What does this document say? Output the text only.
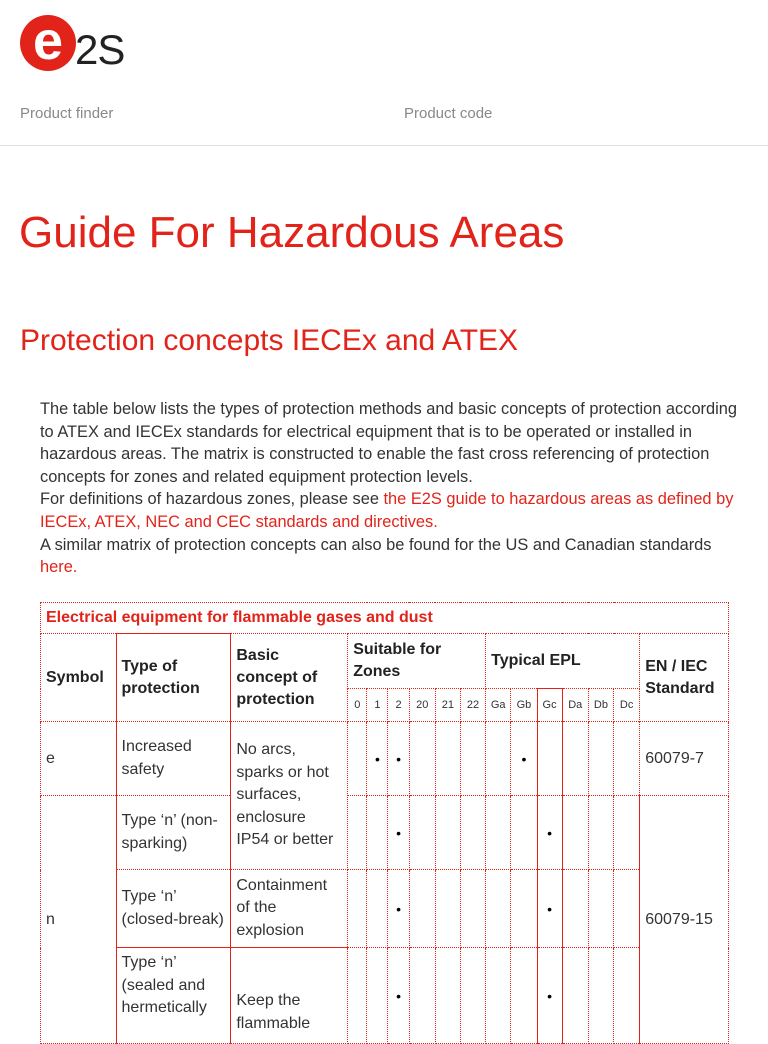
e 2S
Product finder	Product code
Guide For Hazardous Areas
Protection concepts IECEx and ATEX

The table below lists the types of protection methods and basic concepts of protection according to ATEX and IECEx standards for electrical equipment that is to be operated or installed in hazardous areas. The matrix is constructed to enable the fast cross referencing of protection concepts for zones and related equipment protection levels.

For definitions of hazardous zones, please see the E2S guide to hazardous areas as defined by IECEx, ATEX, NEC and CEC standards and directives.

A similar matrix of protection concepts can also be found for the US and Canadian standards here.

Electrical equipment for flammable gases and dust															
Symbol	Type of protection	Basic concept of protection	Suitable for Zones						Typical EPL						EN / IEC Standard
			0	1	2	20	21	22	Ga	Gb	Gc	Da	Db	Dc	
e	Increased safety	No arcs, sparks or hot surfaces, enclosure IP54 or better		•	•					•					60079-7
n	Type ‘n’ (non-sparking)				•						•				60079-15
	Type ‘n’ (closed-break)	Containment of the explosion			•						•				
	Type ‘n’ (sealed and hermetically	Keep the flammable			•						•				
